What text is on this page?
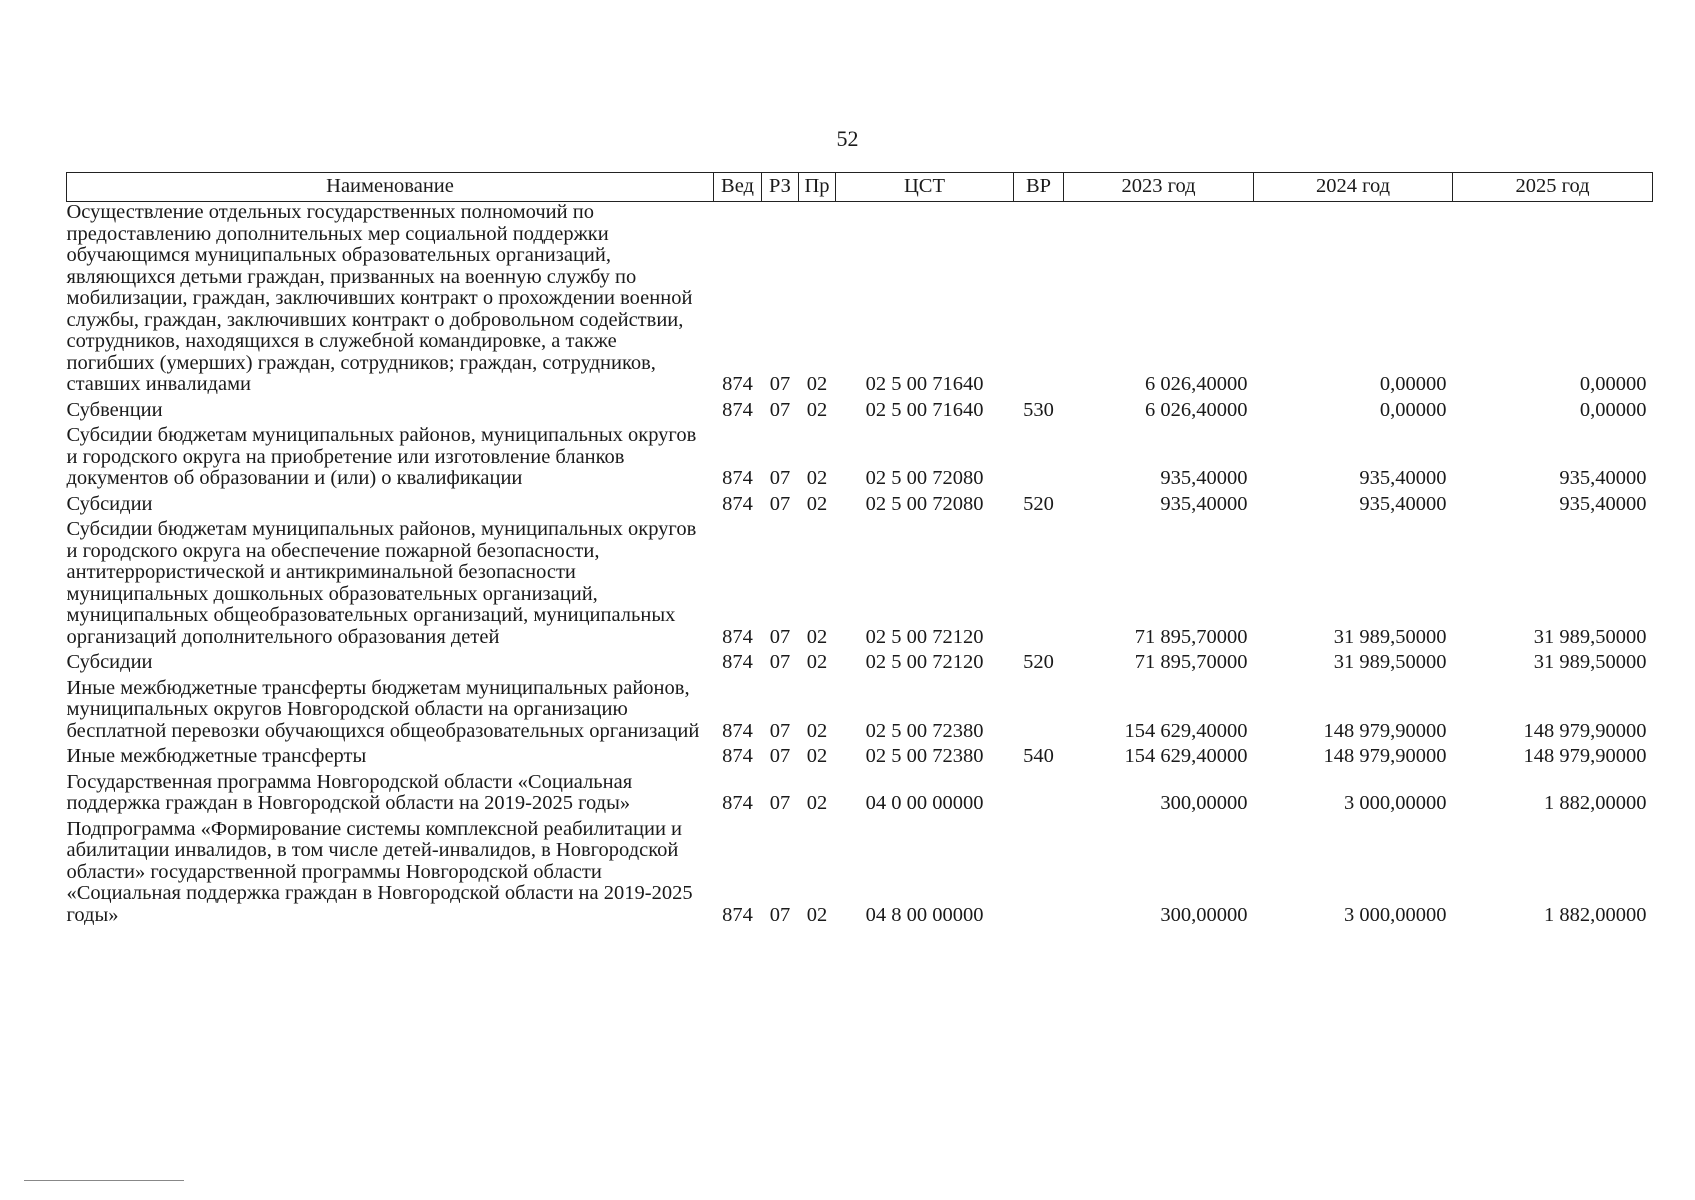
52
Наименование	Вед	РЗ	Пр	ЦСТ	ВР	2023 год	2024 год	2025 год
Осуществление отдельных государственных полномочий по предоставлению дополнительных мер социальной поддержки обучающимся муниципальных образовательных организаций, являющихся детьми граждан, призванных на военную службу по мобилизации, граждан, заключивших контракт о прохождении военной службы, граждан, заключивших контракт о добровольном содействии, сотрудников, находящихся в служебной командировке, а также погибших (умерших) граждан, сотрудников; граждан, сотрудников, ставших инвалидами	874	07	02	02 5 00 71640		6 026,40000	0,00000	0,00000
Субвенции	874	07	02	02 5 00 71640	530	6 026,40000	0,00000	0,00000
Субсидии бюджетам муниципальных районов, муниципальных округов и городского округа на приобретение или изготовление бланков документов об образовании и (или) о квалификации	874	07	02	02 5 00 72080		935,40000	935,40000	935,40000
Субсидии	874	07	02	02 5 00 72080	520	935,40000	935,40000	935,40000
Субсидии бюджетам муниципальных районов, муниципальных округов и городского округа на обеспечение пожарной безопасности, антитеррористической и антикриминальной безопасности муниципальных дошкольных образовательных организаций, муниципальных общеобразовательных организаций, муниципальных организаций дополнительного образования детей	874	07	02	02 5 00 72120		71 895,70000	31 989,50000	31 989,50000
Субсидии	874	07	02	02 5 00 72120	520	71 895,70000	31 989,50000	31 989,50000
Иные межбюджетные трансферты бюджетам муниципальных районов, муниципальных округов Новгородской области на организацию бесплатной перевозки обучающихся общеобразовательных организаций	874	07	02	02 5 00 72380		154 629,40000	148 979,90000	148 979,90000
Иные межбюджетные трансферты	874	07	02	02 5 00 72380	540	154 629,40000	148 979,90000	148 979,90000
Государственная программа Новгородской области «Социальная поддержка граждан в Новгородской области на 2019-2025 годы»	874	07	02	04 0 00 00000		300,00000	3 000,00000	1 882,00000
Подпрограмма «Формирование системы комплексной реабилитации и абилитации инвалидов, в том числе детей-инвалидов, в Новгородской области» государственной программы Новгородской области «Социальная поддержка граждан в Новгородской области на 2019-2025 годы»	874	07	02	04 8 00 00000		300,00000	3 000,00000	1 882,00000
